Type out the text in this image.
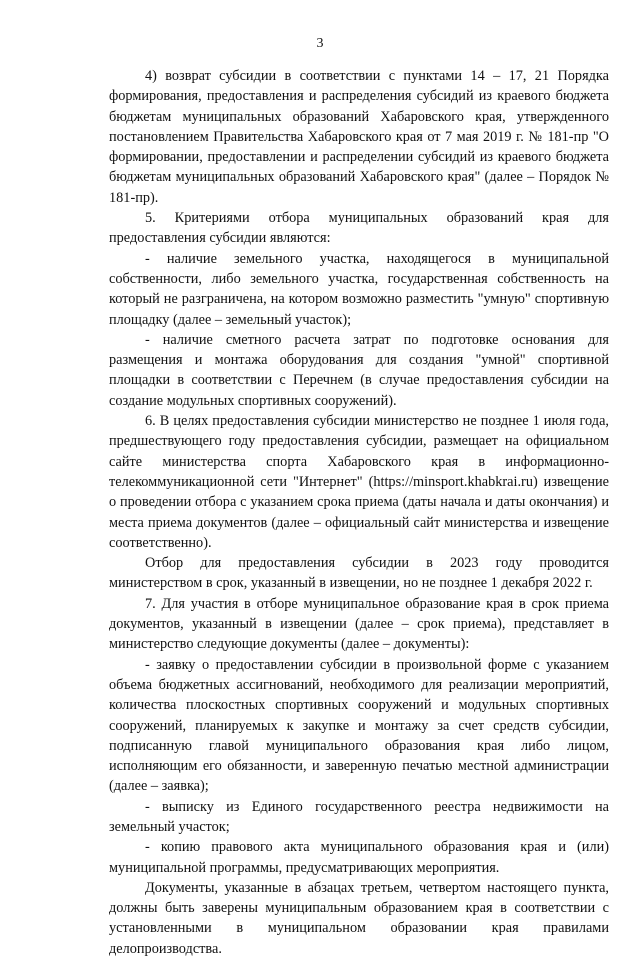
3

4) возврат субсидии в соответствии с пунктами 14 – 17, 21 Порядка формирования, предоставления и распределения субсидий из краевого бюджета бюджетам муниципальных образований Хабаровского края, утвержденного постановлением Правительства Хабаровского края от 7 мая 2019 г. № 181-пр "О формировании, предоставлении и распределении субсидий из краевого бюджета бюджетам муниципальных образований Хабаровского края" (далее – Порядок № 181-пр).

5. Критериями отбора муниципальных образований края для предоставления субсидии являются:

- наличие земельного участка, находящегося в муниципальной собственности, либо земельного участка, государственная собственность на который не разграничена, на котором возможно разместить "умную" спортивную площадку (далее – земельный участок);

- наличие сметного расчета затрат по подготовке основания для размещения и монтажа оборудования для создания "умной" спортивной площадки в соответствии с Перечнем (в случае предоставления субсидии на создание модульных спортивных сооружений).

6. В целях предоставления субсидии министерство не позднее 1 июля года, предшествующего году предоставления субсидии, размещает на официальном сайте министерства спорта Хабаровского края в информационно-телекоммуникационной сети "Интернет" (https://minsport.khabkrai.ru) извещение о проведении отбора с указанием срока приема (даты начала и даты окончания) и места приема документов (далее – официальный сайт министерства и извещение соответственно).

Отбор для предоставления субсидии в 2023 году проводится министерством в срок, указанный в извещении, но не позднее 1 декабря 2022 г.

7. Для участия в отборе муниципальное образование края в срок приема документов, указанный в извещении (далее – срок приема), представляет в министерство следующие документы (далее – документы):

- заявку о предоставлении субсидии в произвольной форме с указанием объема бюджетных ассигнований, необходимого для реализации мероприятий, количества плоскостных спортивных сооружений и модульных спортивных сооружений, планируемых к закупке и монтажу за счет средств субсидии, подписанную главой муниципального образования края либо лицом, исполняющим его обязанности, и заверенную печатью местной администрации (далее – заявка);

- выписку из Единого государственного реестра недвижимости на земельный участок;

- копию правового акта муниципального образования края и (или) муниципальной программы, предусматривающих мероприятия.

Документы, указанные в абзацах третьем, четвертом настоящего пункта, должны быть заверены муниципальным образованием края в соответствии с установленными в муниципальном образовании края правилами делопроизводства.
